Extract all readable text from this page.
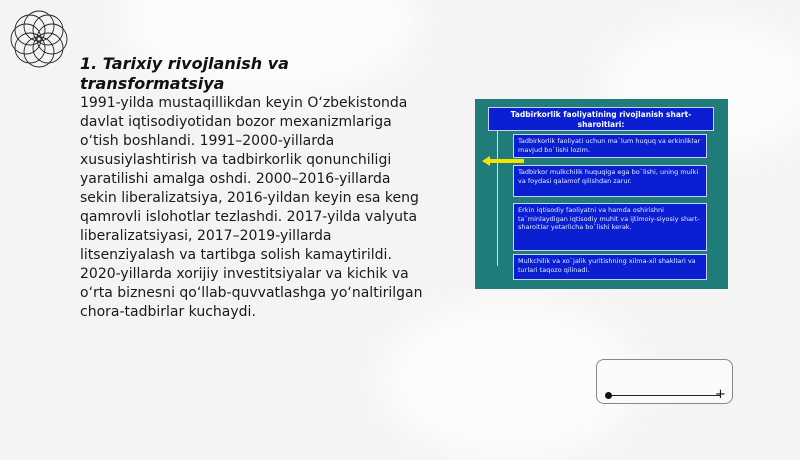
1. Tarixiy rivojlanish va transformatsiya
1991-yilda mustaqillikdan keyin O‘zbekistonda davlat iqtisodiyotidan bozor mexanizmlariga o‘tish boshlandi. 1991–2000-yillarda xususiylashtirish va tadbirkorlik qonunchiligi yaratilishi amalga oshdi. 2000–2016-yillarda sekin liberalizatsiya, 2016-yildan keyin esa keng qamrovli islohotlar tezlashdi. 2017-yilda valyuta liberalizatsiyasi, 2017–2019-yillarda litsenziyalash va tartibga solish kamaytirildi. 2020-yillarda xorijiy investitsiyalar va kichik va o‘rta biznesni qo‘llab-quvvatlashga yo‘naltirilgan chora-tadbirlar kuchaydi.
Tadbirkorlik faoliyatining rivojlanish shart-sharoitlari:
Tadbirkorlik faoliyati uchun ma`lum huquq va erkinliklar mavjud bo`lishi lozim.
Tadbirkor mulkchilik huquqiga ega bo`lishi, uning mulki va foydasi qalamof qilishdan zarur.
Erkin iqtisodiy faoliyatni va hamda oshirishni ta`minlaydigan iqtisodiy muhit va ijtimoiy-siyosiy shart-sharoitlar yetarlicha bo`lishi kerak.
Mulkchilik va xo`jalik yuritishning xilma-xil shakllari va turlari taqozo qilinadi.
+
